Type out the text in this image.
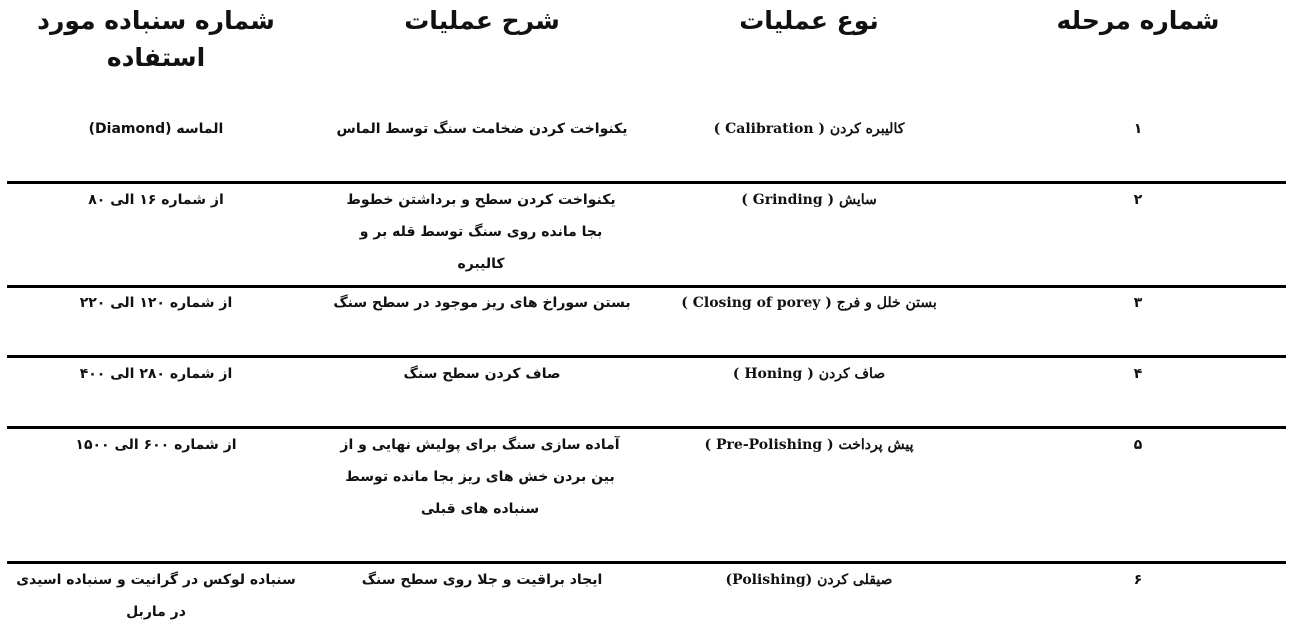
شماره مرحله
نوع عملیات
شرح عملیات
شماره سنباده مورد استفاده
۱
کالیبره کردن ( Calibration )
یکنواخت کردن ضخامت سنگ توسط الماس
الماسه (Diamond)
۲
سایش ( Grinding )
یکنواخت کردن سطح و برداشتن خطوط بجا مانده روی سنگ توسط قله بر و کالیبره
از شماره ۱۶ الی ۸۰
۳
بستن خلل و فرج ( Closing of porey )
بستن سوراخ های ریز موجود در سطح سنگ
از شماره ۱۲۰ الی ۲۲۰
۴
صاف کردن ( Honing )
صاف کردن سطح سنگ
از شماره ۲۸۰ الی ۴۰۰
۵
پیش پرداخت ( Pre-Polishing )
آماده سازی سنگ برای پولیش نهایی و از بین بردن خش های ریز بجا مانده توسط سنباده های قبلی
از شماره ۶۰۰ الی ۱۵۰۰
۶
صیقلی کردن (Polishing)
ایجاد براقیت و جلا روی سطح سنگ
سنباده لوکس در گرانیت و سنباده اسیدی در ماربل
